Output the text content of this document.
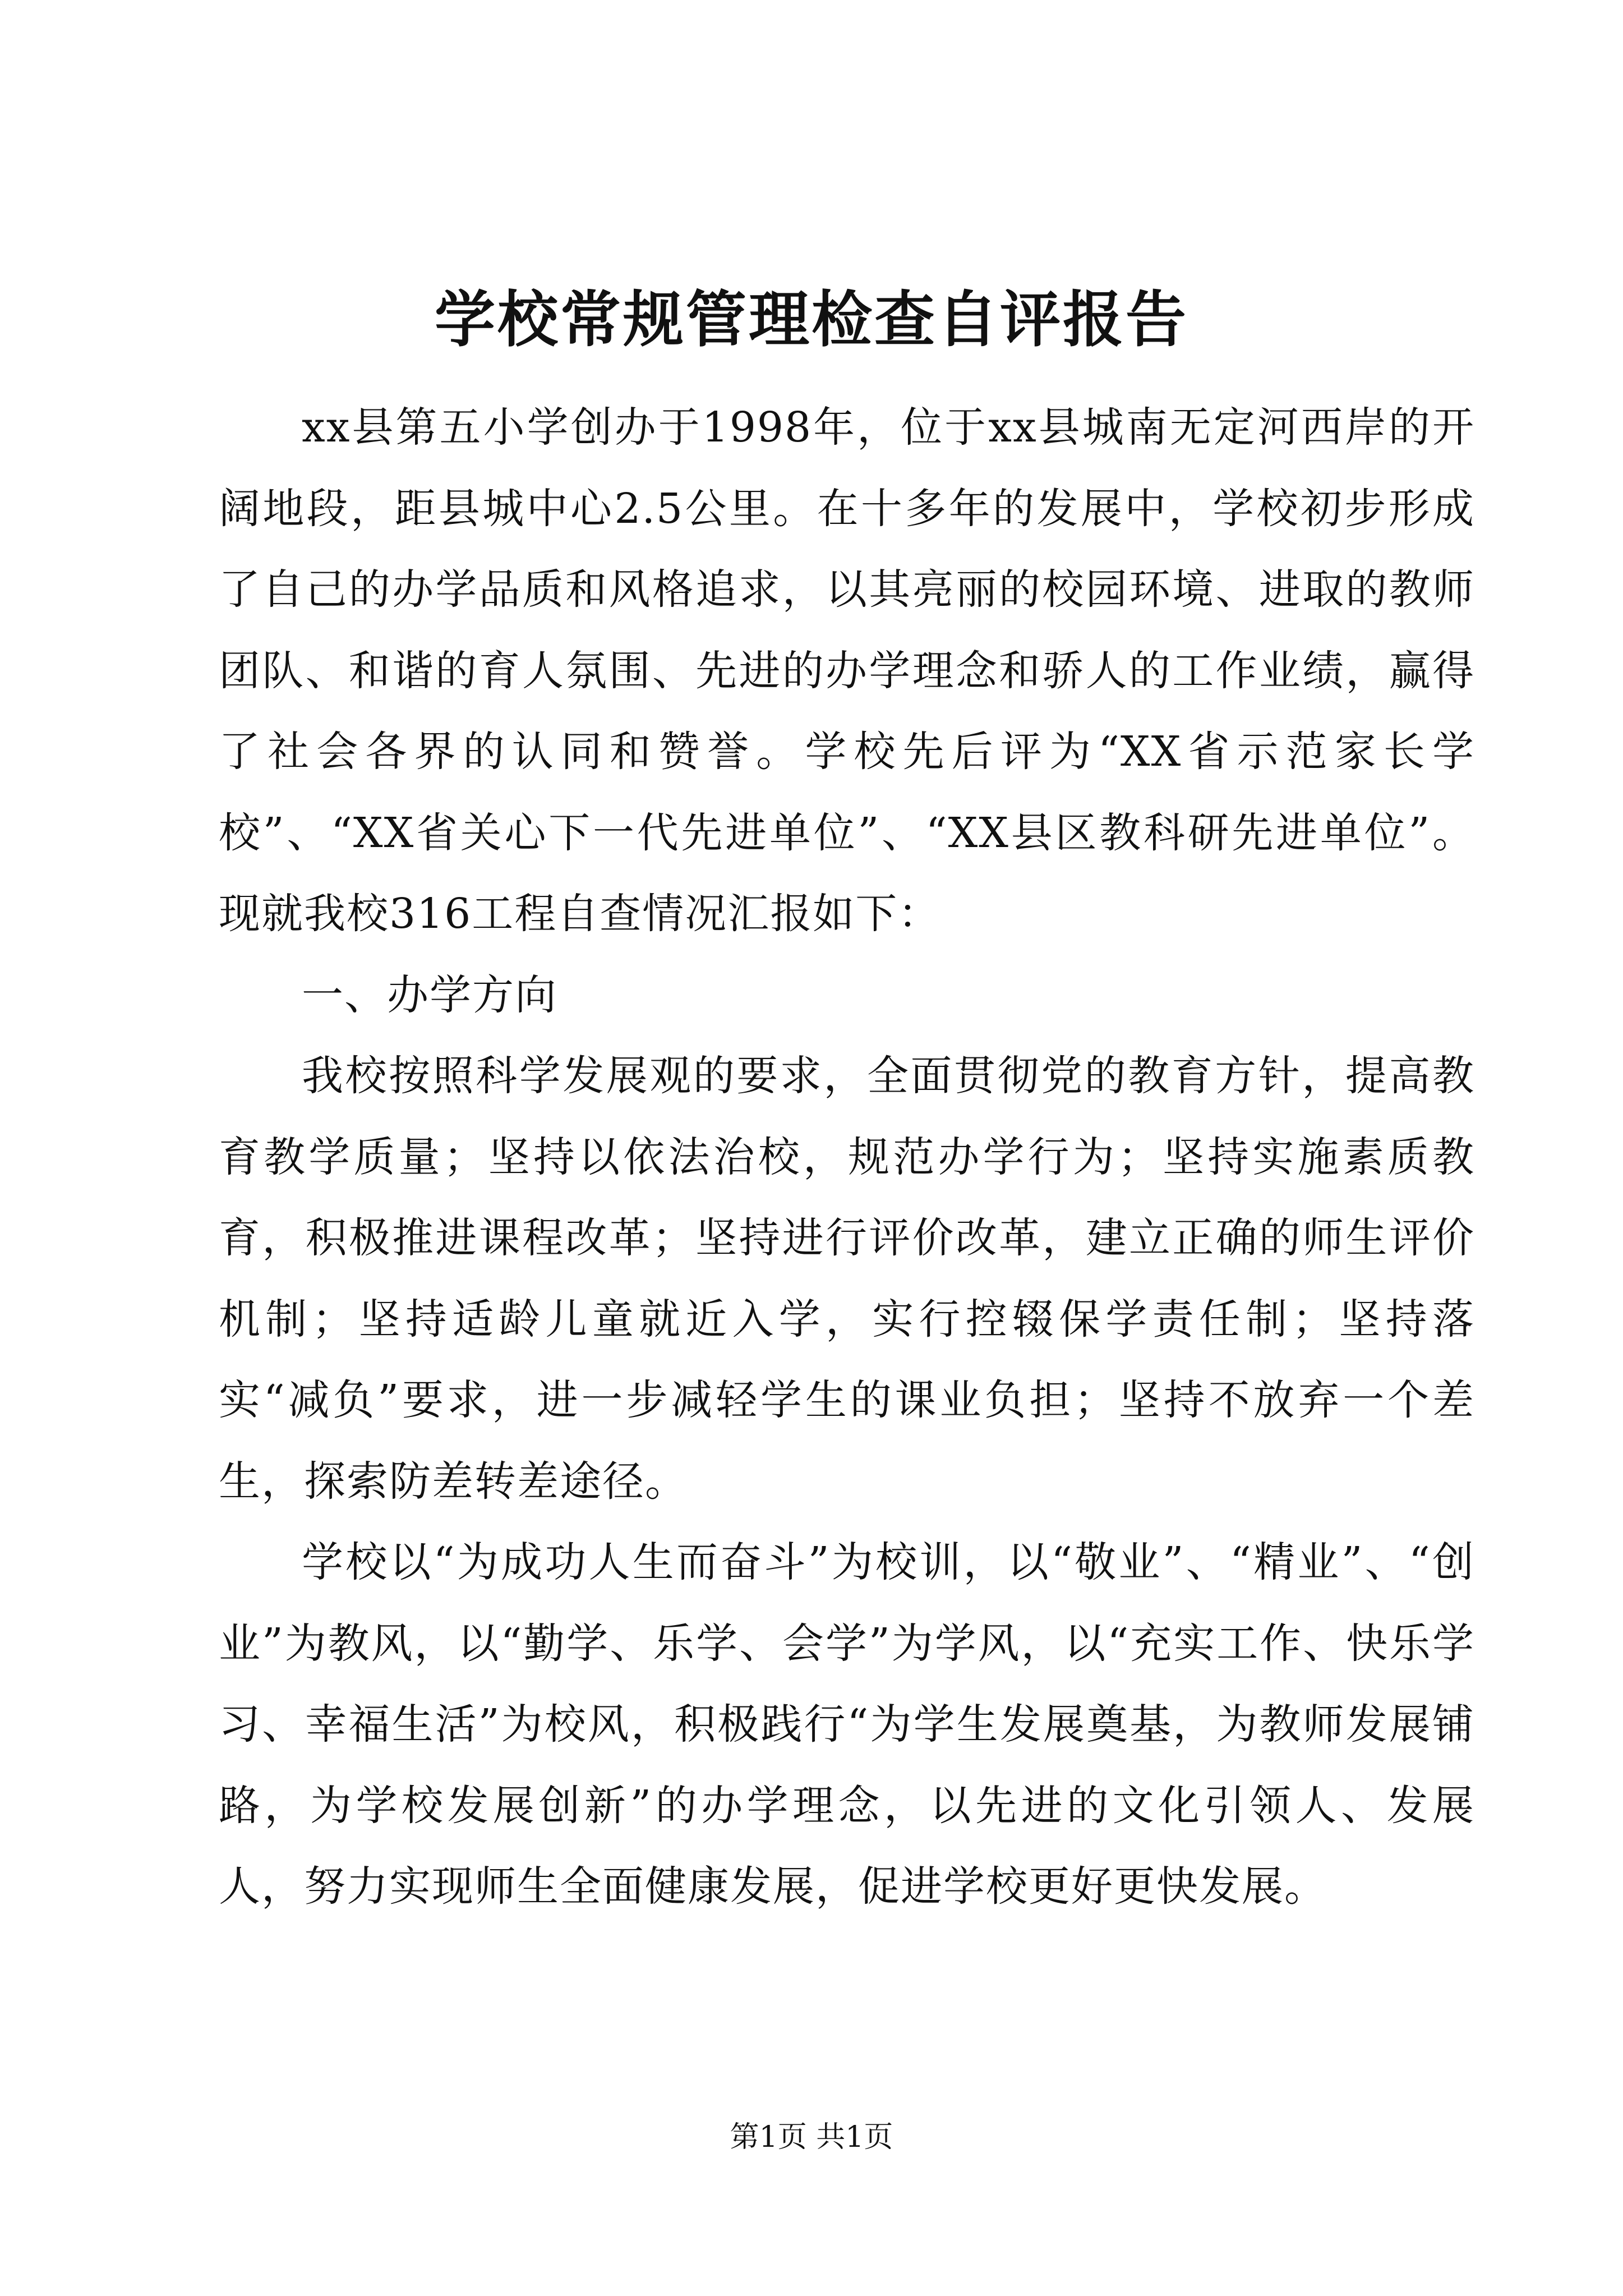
学校常规管理检查自评报告

xx县第五小学创办于1998年，位于xx县城南无定河西岸的开阔地段，距县城中心2.5公里。在十多年的发展中，学校初步形成了自己的办学品质和风格追求，以其亮丽的校园环境、进取的教师团队、和谐的育人氛围、先进的办学理念和骄人的工作业绩，赢得了社会各界的认同和赞誉。学校先后评为“XX省示范家长学校”、“XX省关心下一代先进单位”、“XX县区教科研先进单位”。现就我校316工程自查情况汇报如下：

一、办学方向

我校按照科学发展观的要求，全面贯彻党的教育方针，提高教育教学质量；坚持以依法治校，规范办学行为；坚持实施素质教育，积极推进课程改革；坚持进行评价改革，建立正确的师生评价机制；坚持适龄儿童就近入学，实行控辍保学责任制；坚持落实“减负”要求，进一步减轻学生的课业负担；坚持不放弃一个差生，探索防差转差途径。

学校以“为成功人生而奋斗”为校训，以“敬业”、“精业”、“创业”为教风，以“勤学、乐学、会学”为学风，以“充实工作、快乐学习、幸福生活”为校风，积极践行“为学生发展奠基，为教师发展铺路，为学校发展创新”的办学理念，以先进的文化引领人、发展人，努力实现师生全面健康发展，促进学校更好更快发展。

第1页 共1页
